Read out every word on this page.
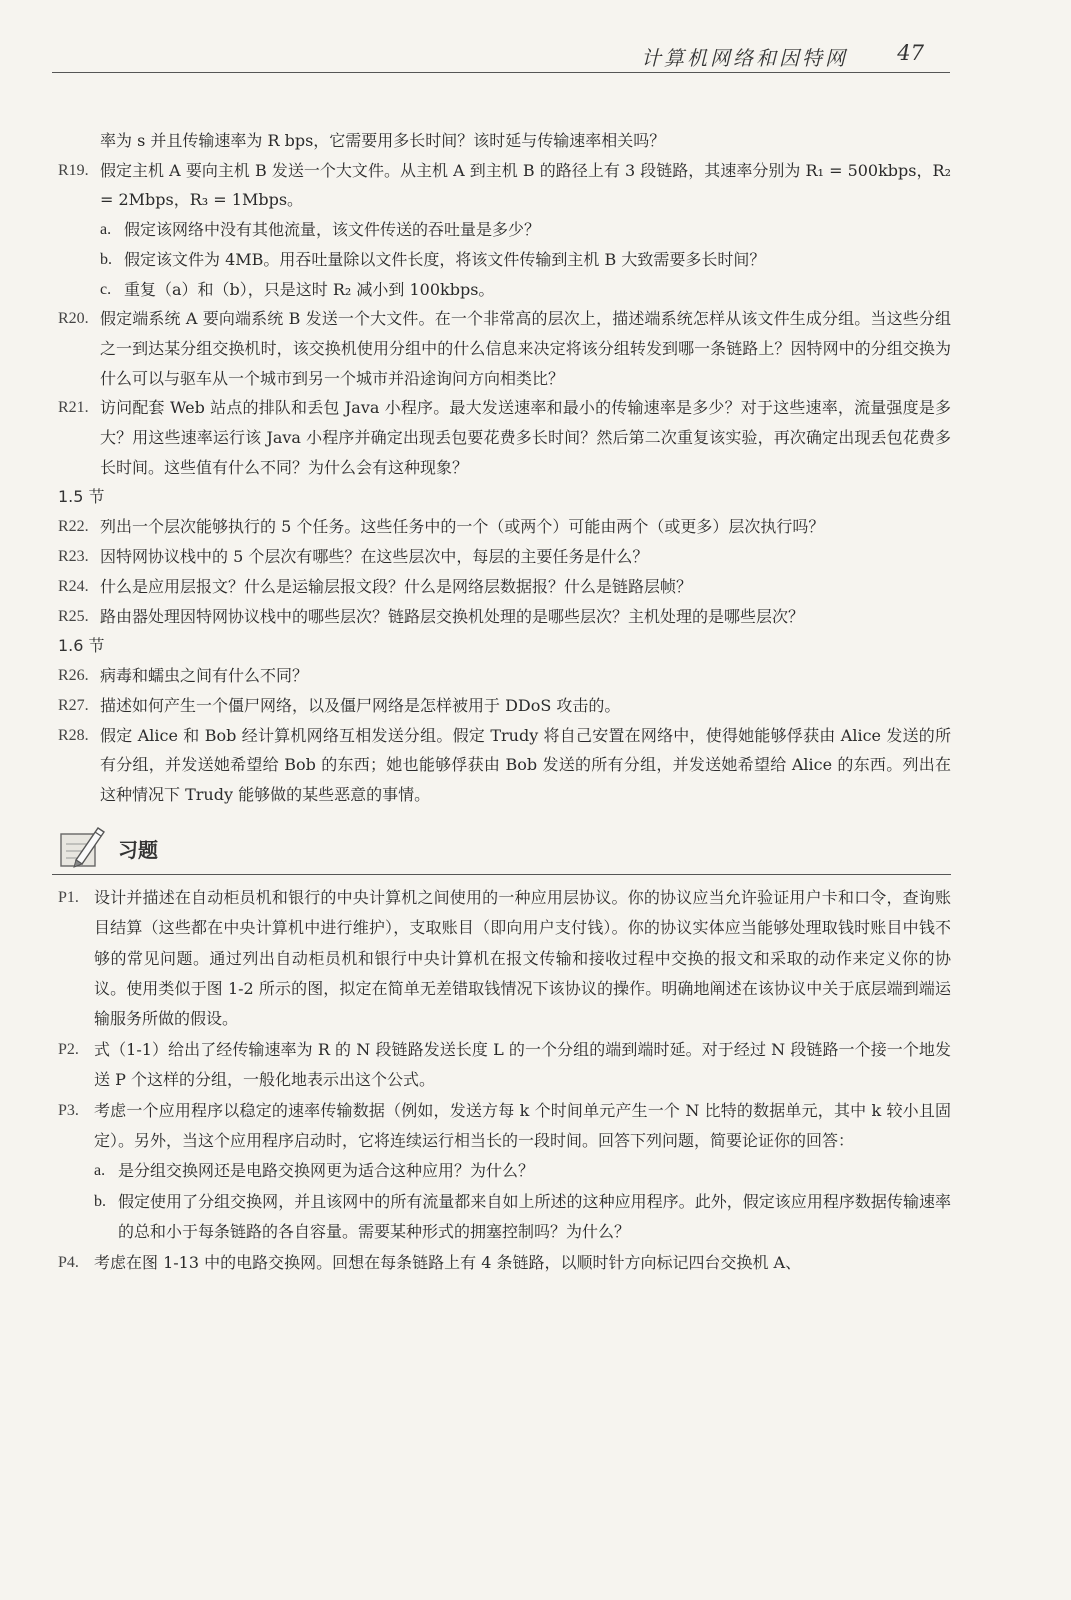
计算机网络和因特网 47
率为 s 并且传输速率为 R bps，它需要用多长时间？该时延与传输速率相关吗？
R19. 假定主机 A 要向主机 B 发送一个大文件。从主机 A 到主机 B 的路径上有 3 段链路，其速率分别为 R₁ = 500kbps，R₂ = 2Mbps，R₃ = 1Mbps。
a. 假定该网络中没有其他流量，该文件传送的吞吐量是多少？
b. 假定该文件为 4MB。用吞吐量除以文件长度，将该文件传输到主机 B 大致需要多长时间？
c. 重复（a）和（b），只是这时 R₂ 减小到 100kbps。
R20. 假定端系统 A 要向端系统 B 发送一个大文件。在一个非常高的层次上，描述端系统怎样从该文件生成分组。当这些分组之一到达某分组交换机时，该交换机使用分组中的什么信息来决定将该分组转发到哪一条链路上？因特网中的分组交换为什么可以与驱车从一个城市到另一个城市并沿途询问方向相类比？
R21. 访问配套 Web 站点的排队和丢包 Java 小程序。最大发送速率和最小的传输速率是多少？对于这些速率，流量强度是多大？用这些速率运行该 Java 小程序并确定出现丢包要花费多长时间？然后第二次重复该实验，再次确定出现丢包花费多长时间。这些值有什么不同？为什么会有这种现象？
1.5 节
R22. 列出一个层次能够执行的 5 个任务。这些任务中的一个（或两个）可能由两个（或更多）层次执行吗？
R23. 因特网协议栈中的 5 个层次有哪些？在这些层次中，每层的主要任务是什么？
R24. 什么是应用层报文？什么是运输层报文段？什么是网络层数据报？什么是链路层帧？
R25. 路由器处理因特网协议栈中的哪些层次？链路层交换机处理的是哪些层次？主机处理的是哪些层次？
1.6 节
R26. 病毒和蠕虫之间有什么不同？
R27. 描述如何产生一个僵尸网络，以及僵尸网络是怎样被用于 DDoS 攻击的。
R28. 假定 Alice 和 Bob 经计算机网络互相发送分组。假定 Trudy 将自己安置在网络中，使得她能够俘获由 Alice 发送的所有分组，并发送她希望给 Bob 的东西；她也能够俘获由 Bob 发送的所有分组，并发送她希望给 Alice 的东西。列出在这种情况下 Trudy 能够做的某些恶意的事情。
习题
P1. 设计并描述在自动柜员机和银行的中央计算机之间使用的一种应用层协议。你的协议应当允许验证用户卡和口令，查询账目结算（这些都在中央计算机中进行维护），支取账目（即向用户支付钱）。你的协议实体应当能够处理取钱时账目中钱不够的常见问题。通过列出自动柜员机和银行中央计算机在报文传输和接收过程中交换的报文和采取的动作来定义你的协议。使用类似于图 1-2 所示的图，拟定在简单无差错取钱情况下该协议的操作。明确地阐述在该协议中关于底层端到端运输服务所做的假设。
P2. 式（1-1）给出了经传输速率为 R 的 N 段链路发送长度 L 的一个分组的端到端时延。对于经过 N 段链路一个接一个地发送 P 个这样的分组，一般化地表示出这个公式。
P3. 考虑一个应用程序以稳定的速率传输数据（例如，发送方每 k 个时间单元产生一个 N 比特的数据单元，其中 k 较小且固定）。另外，当这个应用程序启动时，它将连续运行相当长的一段时间。回答下列问题，简要论证你的回答：
a. 是分组交换网还是电路交换网更为适合这种应用？为什么？
b. 假定使用了分组交换网，并且该网中的所有流量都来自如上所述的这种应用程序。此外，假定该应用程序数据传输速率的总和小于每条链路的各自容量。需要某种形式的拥塞控制吗？为什么？
P4. 考虑在图 1-13 中的电路交换网。回想在每条链路上有 4 条链路，以顺时针方向标记四台交换机 A、
